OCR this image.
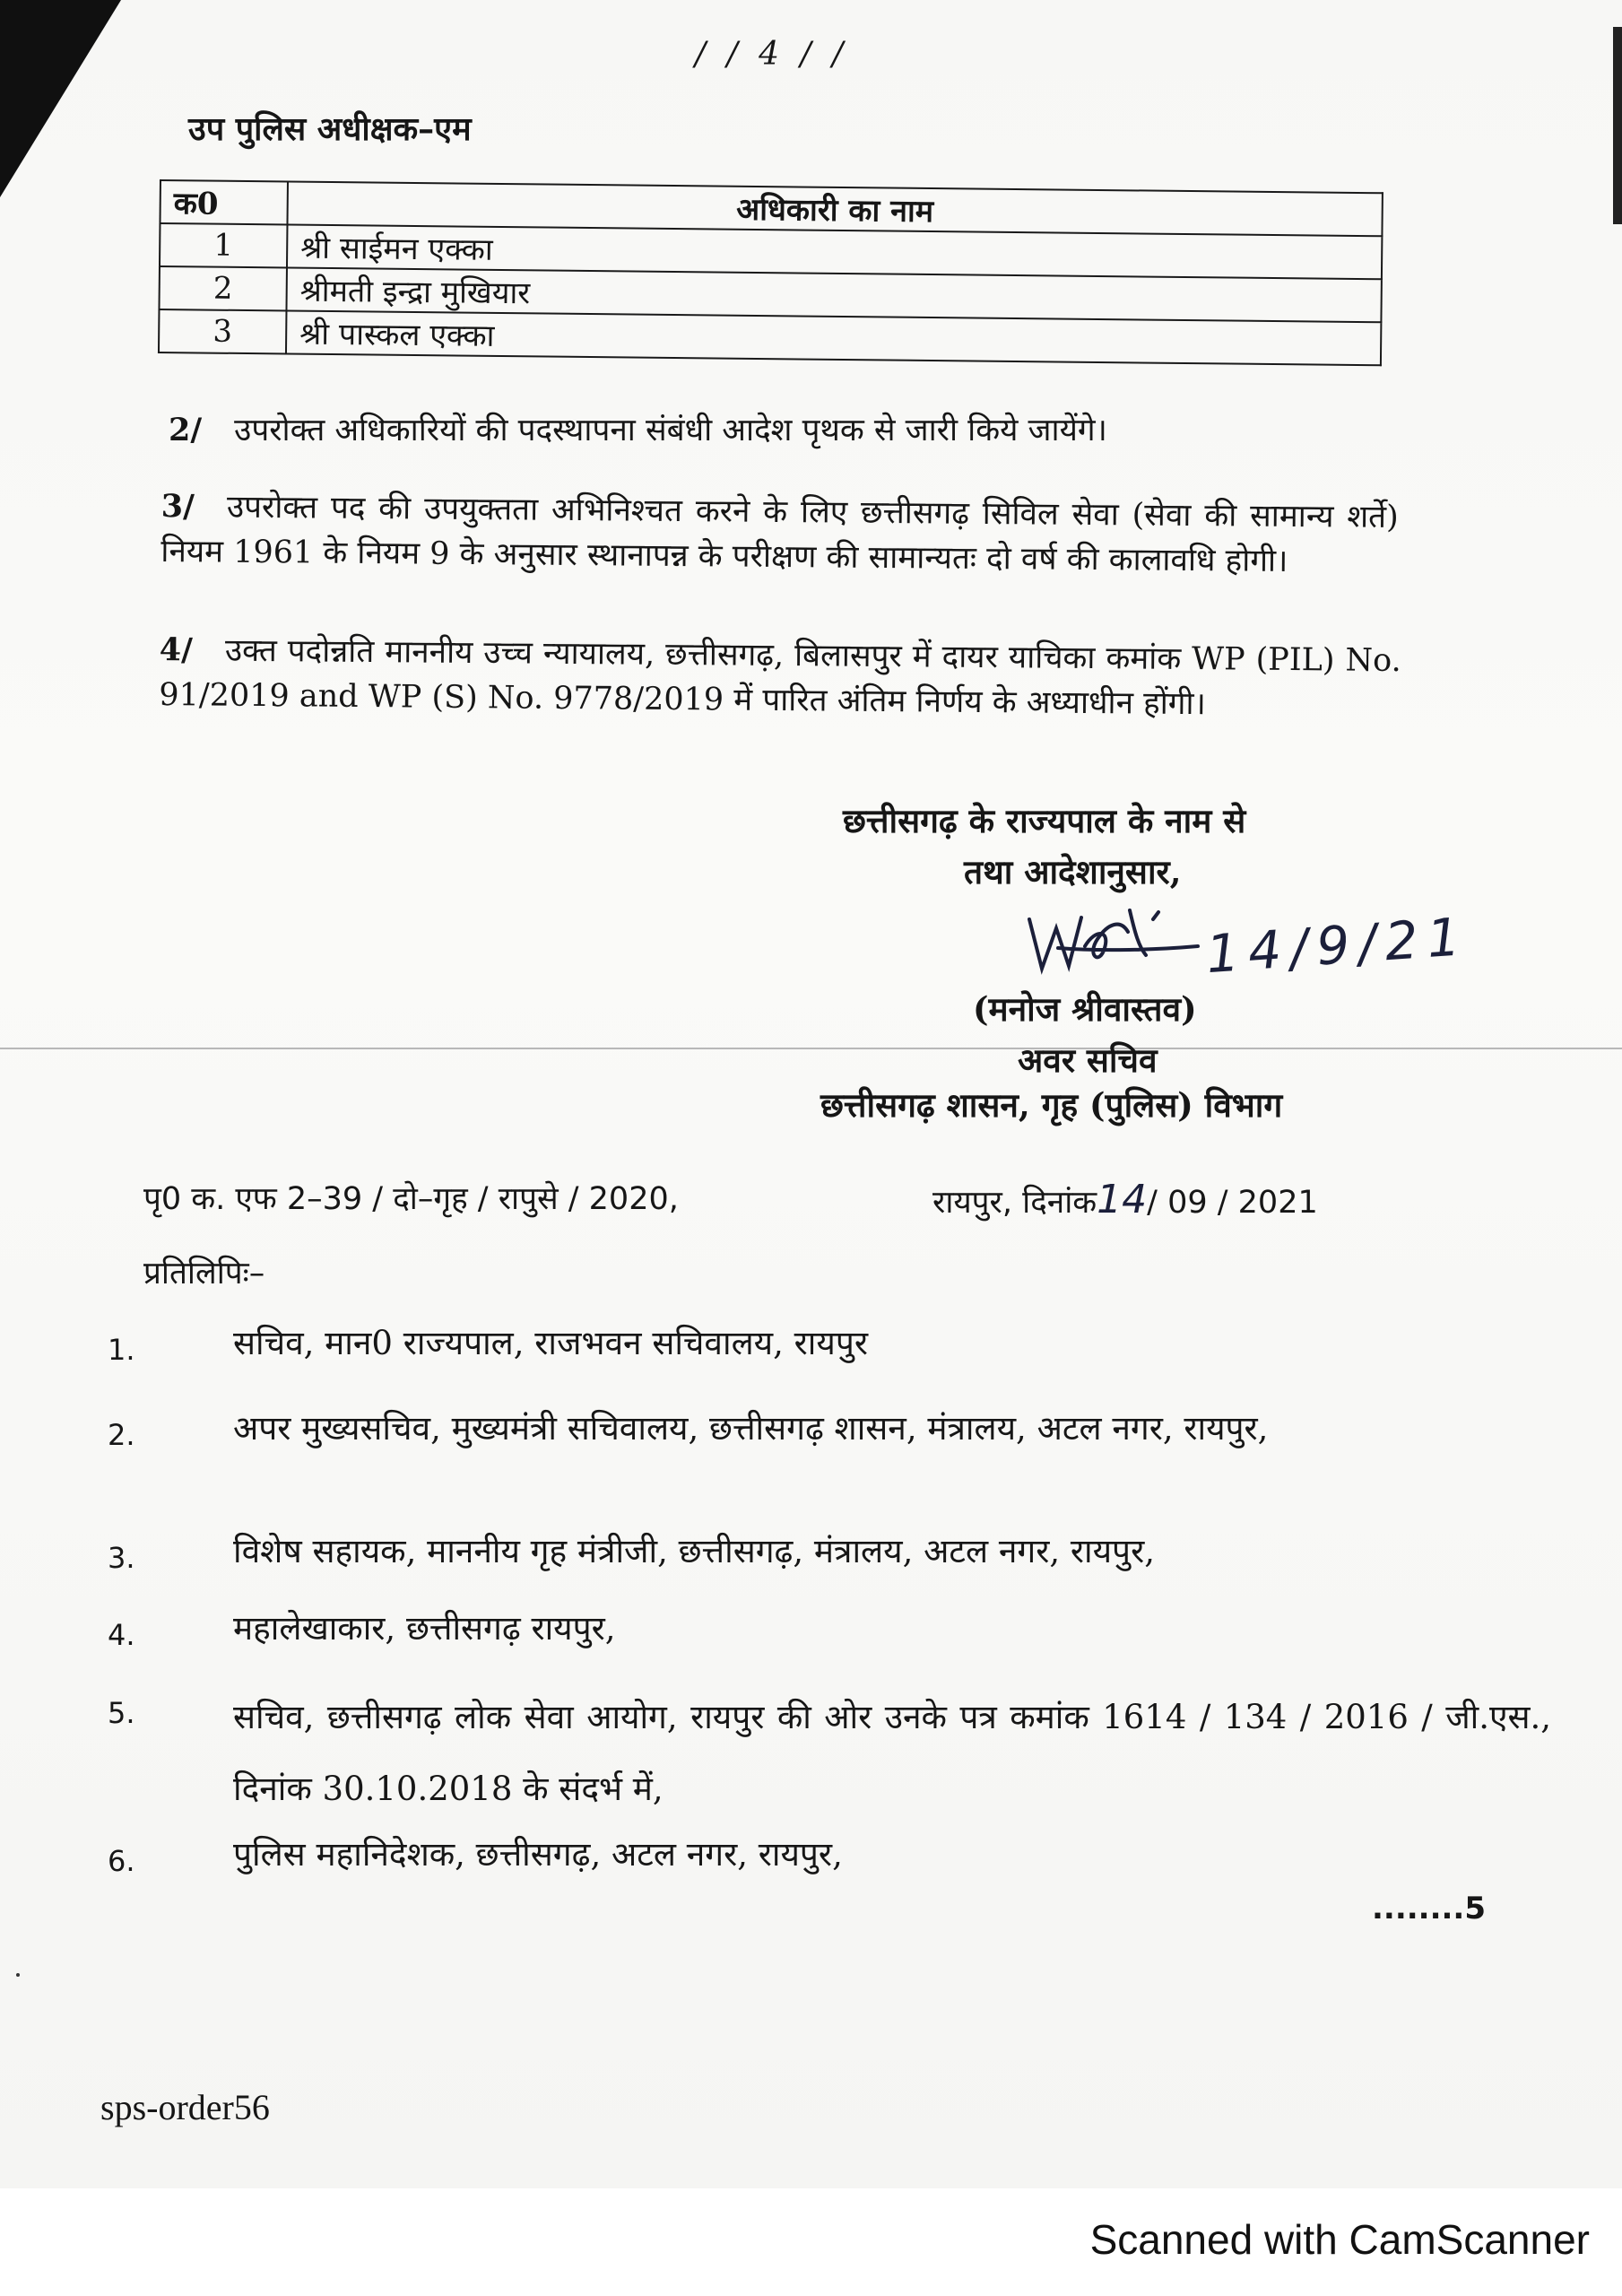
/ / 4 / /
उप पुलिस अधीक्षक–एम
क0	अधिकारी का नाम
1	श्री साईमन एक्का
2	श्रीमती इन्द्रा मुखियार
3	श्री पास्कल एक्का
2/ उपरोक्त अधिकारियों की पदस्थापना संबंधी आदेश पृथक से जारी किये जायेंगे।
3/ उपरोक्त पद की उपयुक्तता अभिनिश्चत करने के लिए छत्तीसगढ़ सिविल सेवा (सेवा की सामान्य शर्ते) नियम 1961 के नियम 9 के अनुसार स्थानापन्न के परीक्षण की सामान्यतः दो वर्ष की कालावधि होगी।
4/ उक्त पदोन्नति माननीय उच्च न्यायालय, छत्तीसगढ़, बिलासपुर में दायर याचिका कमांक WP (PIL) No. 91/2019 and WP (S) No. 9778/2019 में पारित अंतिम निर्णय के अध्याधीन होंगी।
छत्तीसगढ़ के राज्यपाल के नाम से
तथा आदेशानुसार,
14/9/21
(मनोज श्रीवास्तव)
अवर सचिव
छत्तीसगढ़ शासन, गृह (पुलिस) विभाग
पृ0 क. एफ 2–39 / दो–गृह / रापुसे / 2020,	रायपुर, दिनांक14/ 09 / 2021
प्रतिलिपिः–
1.	सचिव, मान0 राज्यपाल, राजभवन सचिवालय, रायपुर
2.	अपर मुख्यसचिव, मुख्यमंत्री सचिवालय, छत्तीसगढ़ शासन, मंत्रालय, अटल नगर, रायपुर,
3.	विशेष सहायक, माननीय गृह मंत्रीजी, छत्तीसगढ़, मंत्रालय, अटल नगर, रायपुर,
4.	महालेखाकार, छत्तीसगढ़ रायपुर,
5.	सचिव, छत्तीसगढ़ लोक सेवा आयोग, रायपुर की ओर उनके पत्र कमांक 1614 / 134 / 2016 / जी.एस., दिनांक 30.10.2018 के संदर्भ में,
6.	पुलिस महानिदेशक, छत्तीसगढ़, अटल नगर, रायपुर,
........5
sps-order56
Scanned with CamScanner
